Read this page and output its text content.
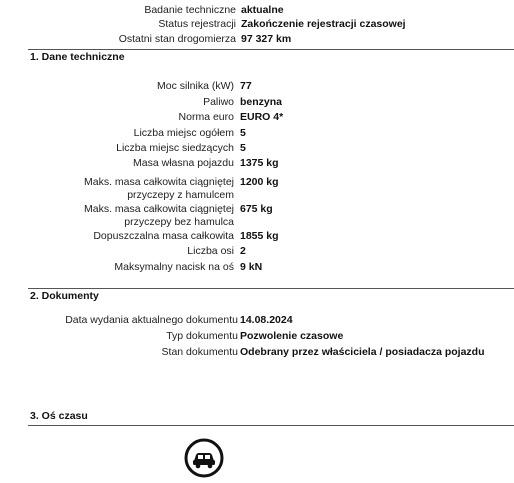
Badanie techniczne aktualne
Status rejestracji Zakończenie rejestracji czasowej
Ostatni stan drogomierza 97 327 km
1. Dane techniczne
Moc silnika (kW) 77
Paliwo benzyna
Norma euro EURO 4*
Liczba miejsc ogółem 5
Liczba miejsc siedzących 5
Masa własna pojazdu 1375 kg
Maks. masa całkowita ciągniętej
przyczepy z hamulcem
1200 kg
Maks. masa całkowita ciągniętej
przyczepy bez hamulca
675 kg
Dopuszczalna masa całkowita 1855 kg
Liczba osi 2
Maksymalny nacisk na oś 9 kN
2. Dokumenty
Data wydania aktualnego dokumentu 14.08.2024
Typ dokumentu Pozwolenie czasowe
Stan dokumentu Odebrany przez właściciela / posiadacza pojazdu
3. Oś czasu
